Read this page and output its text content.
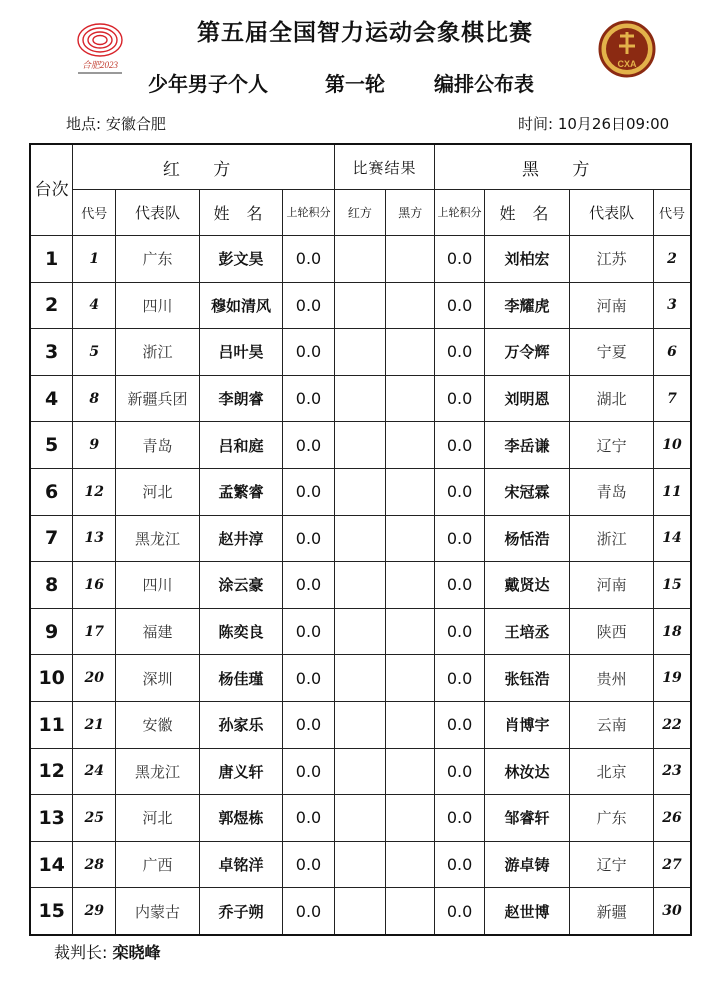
合肥2023	CXA
第五届全国智力运动会象棋比赛
少年男子个人	第一轮 编排公布表
地点: 安徽合肥	时间: 10月26日09:00
台次	红 方				比赛结果		黑 方			
	代号	代表队	姓 名	上轮积分	红方	黑方	上轮积分	姓 名	代表队	代号
1	1	广东	彭文昊	0.0			0.0	刘柏宏	江苏	2
2	4	四川	穆如清风	0.0			0.0	李耀虎	河南	3
3	5	浙江	吕叶昊	0.0			0.0	万令辉	宁夏	6
4	8	新疆兵团	李朗睿	0.0			0.0	刘明恩	湖北	7
5	9	青岛	吕和庭	0.0			0.0	李岳谦	辽宁	10
6	12	河北	孟繁睿	0.0			0.0	宋冠霖	青岛	11
7	13	黑龙江	赵井淳	0.0			0.0	杨恬浩	浙江	14
8	16	四川	涂云豪	0.0			0.0	戴贤达	河南	15
9	17	福建	陈奕良	0.0			0.0	王培丞	陕西	18
10	20	深圳	杨佳瑾	0.0			0.0	张钰浩	贵州	19
11	21	安徽	孙家乐	0.0			0.0	肖博宇	云南	22
12	24	黑龙江	唐义轩	0.0			0.0	林汝达	北京	23
13	25	河北	郭煜栋	0.0			0.0	邹睿轩	广东	26
14	28	广西	卓铭洋	0.0			0.0	游卓铸	辽宁	27
15	29	内蒙古	乔子朔	0.0			0.0	赵世博	新疆	30
裁判长: 栾晓峰
